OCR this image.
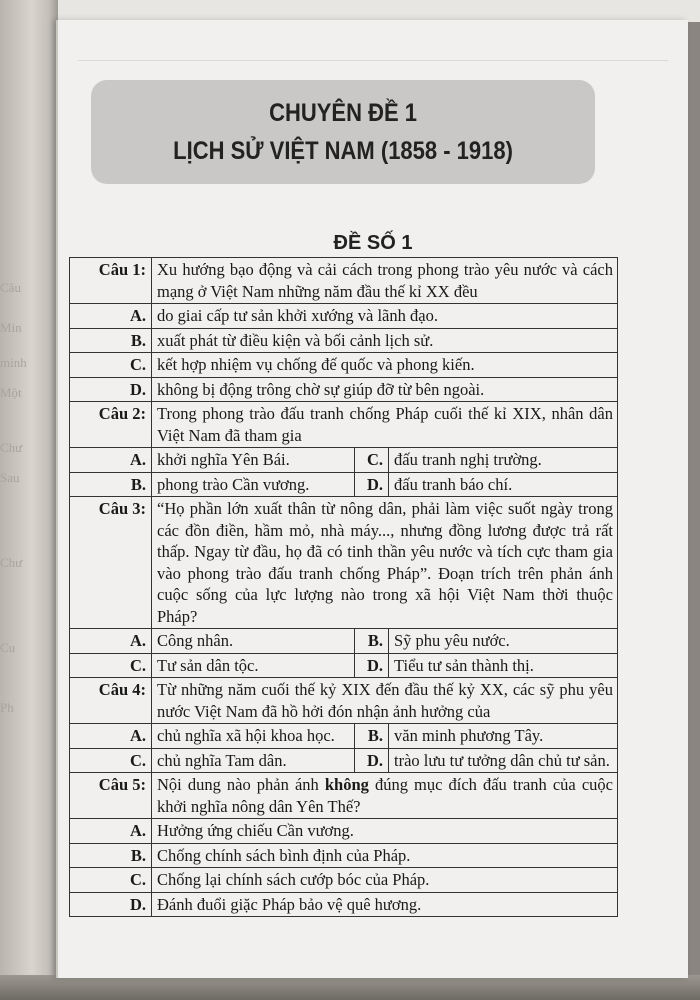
Câu
Min
minh
Một
Chư
Sau
Chư
Cu
Ph
CHUYÊN ĐỀ 1
LỊCH SỬ VIỆT NAM (1858 - 1918)
ĐỀ SỐ 1
Câu 1:	Xu hướng bạo động và cải cách trong phong trào yêu nước và cách mạng ở Việt Nam những năm đầu thế kỉ XX đều		
A.	do giai cấp tư sản khởi xướng và lãnh đạo.		
B.	xuất phát từ điều kiện và bối cảnh lịch sử.		
C.	kết hợp nhiệm vụ chống đế quốc và phong kiến.		
D.	không bị động trông chờ sự giúp đỡ từ bên ngoài.		
Câu 2:	Trong phong trào đấu tranh chống Pháp cuối thế kỉ XIX, nhân dân Việt Nam đã tham gia		
A.	khởi nghĩa Yên Bái.	C.	đấu tranh nghị trường.
B.	phong trào Cần vương.	D.	đấu tranh báo chí.
Câu 3:	“Họ phần lớn xuất thân từ nông dân, phải làm việc suốt ngày trong các đồn điền, hầm mỏ, nhà máy..., nhưng đồng lương được trả rất thấp. Ngay từ đầu, họ đã có tinh thần yêu nước và tích cực tham gia vào phong trào đấu tranh chống Pháp”. Đoạn trích trên phản ánh cuộc sống của lực lượng nào trong xã hội Việt Nam thời thuộc Pháp?		
A.	Công nhân.	B.	Sỹ phu yêu nước.
C.	Tư sản dân tộc.	D.	Tiểu tư sản thành thị.
Câu 4:	Từ những năm cuối thế kỷ XIX đến đầu thế kỷ XX, các sỹ phu yêu nước Việt Nam đã hồ hởi đón nhận ảnh hưởng của		
A.	chủ nghĩa xã hội khoa học.	B.	văn minh phương Tây.
C.	chủ nghĩa Tam dân.	D.	trào lưu tư tưởng dân chủ tư sản.
Câu 5:	Nội dung nào phản ánh không đúng mục đích đấu tranh của cuộc khởi nghĩa nông dân Yên Thế?		
A.	Hưởng ứng chiếu Cần vương.		
B.	Chống chính sách bình định của Pháp.		
C.	Chống lại chính sách cướp bóc của Pháp.		
D.	Đánh đuổi giặc Pháp bảo vệ quê hương.		
